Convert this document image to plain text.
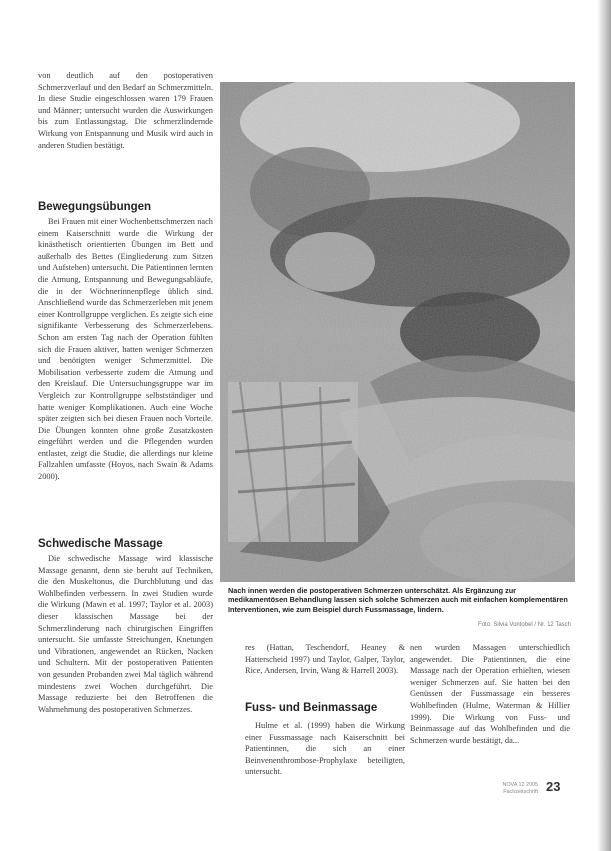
von deutlich auf den postoperativen Schmerzverlauf und den Bedarf an Schmerzmitteln. In diese Studie eingeschlossen waren 179 Frauen und Männer; untersucht wurden die Auswirkungen bis zum Entlassungstag. Die schmerzlindernde Wirkung von Entspannung und Musik wird auch in anderen Studien bestätigt.

Bewegungsübungen

Bei Frauen mit einer Wochenbettschmerzen nach einem Kaiserschnitt wurde die Wirkung der kinästhetisch orientierten Übungen im Bett und außerhalb des Bettes (Eingliederung zum Sitzen und Aufstehen) untersucht. Die Patientinnen lernten die Atmung, Entspannung und Bewegungsabläufe, die in der Wöchnerinnenpflege üblich sind. Anschließend wurde das Schmerzerleben mit jenem einer Kontrollgruppe verglichen. Es zeigte sich eine signifikante Verbesserung des Schmerzerlebens. Schon am ersten Tag nach der Operation fühlten sich die Frauen aktiver, hatten weniger Schmerzen und benötigten weniger Schmerzmittel. Die Mobilisation verbesserte zudem die Atmung und den Kreislauf. Die Untersuchungsgruppe war im Vergleich zur Kontrollgruppe selbstständiger und hatte weniger Komplikationen. Auch eine Woche später zeigten sich bei diesen Frauen noch Vorteile. Die Übungen konnten ohne große Zusatzkosten eingeführt werden und die Pflegenden wurden entlastet, zeigt die Studie, die allerdings nur kleine Fallzahlen umfasste (Hoyos, nach Swain & Adams 2000).

Schwedische Massage

Die schwedische Massage wird klassische Massage genannt, denn sie beruht auf Techniken, die den Muskeltonus, die Durchblutung und das Wohlbefinden verbessern. In zwei Studien wurde die Wirkung (Mawn et al. 1997; Taylor et al. 2003) dieser klassischen Massage bei der Schmerzlinderung nach chirurgischen Eingriffen untersucht. Sie umfasste Streichungen, Knetungen und Vibrationen, angewendet an Rücken, Nacken und Schultern. Mit der postoperativen Patienten von gesunden Probanden zwei Mal täglich während mindestens zwei Wochen durchgeführt. Die Massage reduzierte bei den Betroffenen die Wahrnehmung des postoperativen Schmerzes.

Nach innen werden die postoperativen Schmerzen unterschätzt. Als Ergänzung zur medikamentösen Behandlung lassen sich solche Schmerzen auch mit einfachen komplementären Interventionen, wie zum Beispiel durch Fussmassage, lindern.
Foto: Silvia Vontobel / Nr. 12 Tasch

res (Hattan, Teschendorf, Heaney & Hatterscheid 1997) und Taylor, Galper, Taylor, Rice, Andersen, Irvin, Wang & Harrell 2003).

Fuss- und Beinmassage

Hulme et al. (1999) haben die Wirkung einer Fussmassage nach Kaiserschnitt bei Patientinnen, die sich an einer Beinvenenthrombose-Prophylaxe beteiligten, untersucht.

nen wurden Massagen unterschiedlich angewendet. Die Patientinnen, die eine Massage nach der Operation erhielten, wiesen weniger Schmerzen auf. Sie hatten bei den Genüssen der Fussmassage ein besseres Wohlbefinden (Hulme, Waterman & Hillier 1999). Die Wirkung von Fuss- und Beinmassage auf das Wohlbefinden und die Schmerzen wurde bestätigt, da...

NOVA 12 2005 Fachzeitschrift 23
